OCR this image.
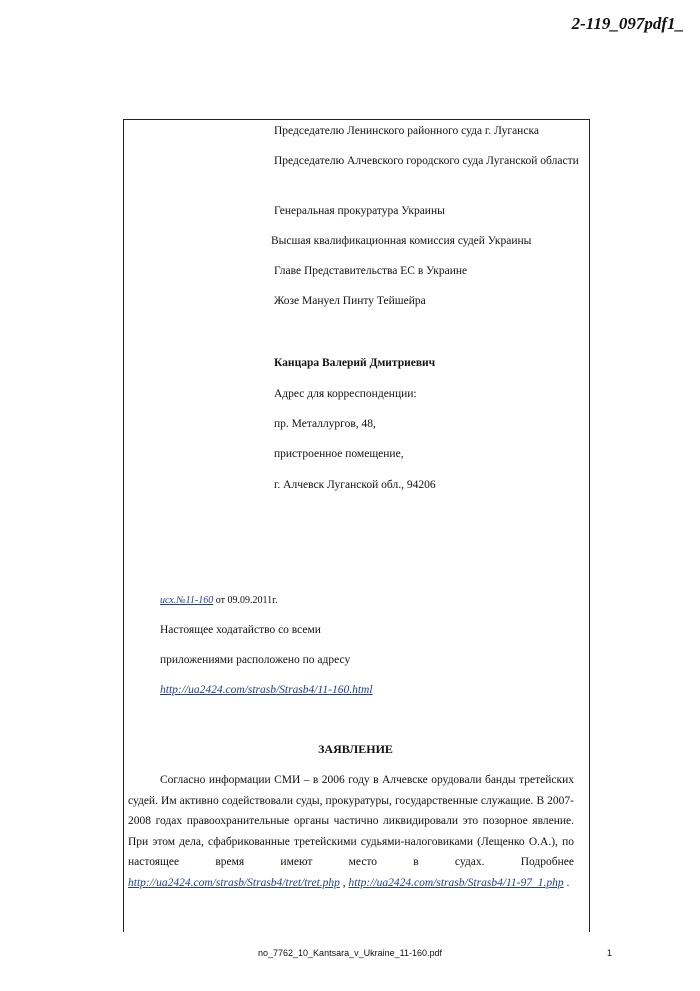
2-119_097pdf1_
Председателю Ленинского районного суда г. Луганска
Председателю Алчевского городского суда Луганской области
Генеральная прокуратура Украины
Высшая квалификационная комиссия судей Украины
Главе Представительства ЕС в Украине
Жозе Мануел Пинту Тейшейра
Канцара Валерий Дмитриевич
Адрес для корреспонденции:
пр. Металлургов, 48,
пристроенное помещение,
г. Алчевск Луганской обл., 94206
исх.№11-160 от 09.09.2011г.
Настоящее ходатайство со всеми
приложениями расположено по адресу
http://ua2424.com/strasb/Strasb4/11-160.html
ЗАЯВЛЕНИЕ
Согласно информации СМИ – в 2006 году в Алчевске орудовали банды третейских судей. Им активно содействовали суды, прокуратуры, государственные служащие. В 2007-2008 годах правоохранительные органы частично ликвидировали это позорное явление. При этом дела, сфабрикованные третейскими судьями-налоговиками (Лещенко О.А.), по настоящее время имеют место в судах. Подробнее http://ua2424.com/strasb/Strasb4/tret/tret.php , http://ua2424.com/strasb/Strasb4/11-97_1.php .
no_7762_10_Kantsara_v_Ukraine_11-160.pdf	1
